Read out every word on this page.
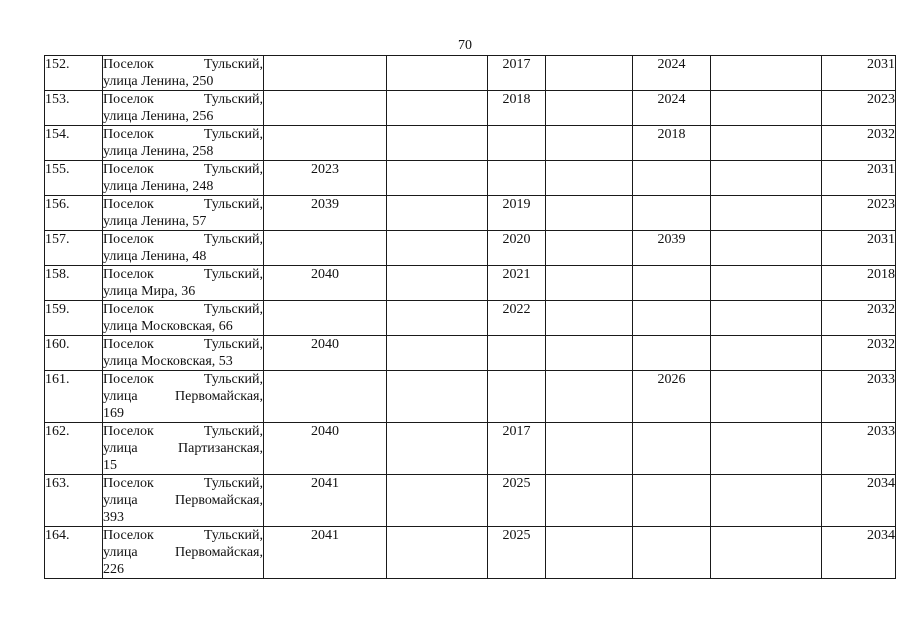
70
152.	Поселок Тульский,
улица Ленина, 250			2017		2024		2031
153.	Поселок Тульский,
улица Ленина, 256			2018		2024		2023
154.	Поселок Тульский,
улица Ленина, 258					2018		2032
155.	Поселок Тульский,
улица Ленина, 248	2023						2031
156.	Поселок Тульский,
улица Ленина, 57	2039		2019				2023
157.	Поселок Тульский,
улица Ленина, 48			2020		2039		2031
158.	Поселок Тульский,
улица Мира, 36	2040		2021				2018
159.	Поселок Тульский,
улица Московская, 66			2022				2032
160.	Поселок Тульский,
улица Московская, 53	2040						2032
161.	Поселок Тульский,
улица Первомайская,
169					2026		2033
162.	Поселок Тульский,
улица Партизанская,
15	2040		2017				2033
163.	Поселок Тульский,
улица Первомайская,
393	2041		2025				2034
164.	Поселок Тульский,
улица Первомайская,
226	2041		2025				2034
